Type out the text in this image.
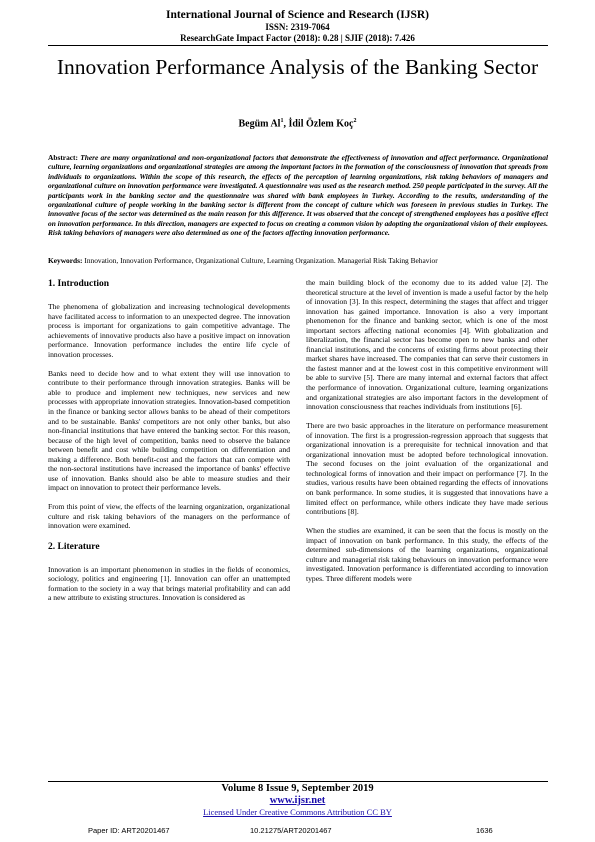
International Journal of Science and Research (IJSR)
ISSN: 2319-7064
ResearchGate Impact Factor (2018): 0.28 | SJIF (2018): 7.426
Innovation Performance Analysis of the Banking Sector
Begüm Al$^1$, İdil Özlem Koç$^2$
Abstract: There are many organizational and non-organizational factors that demonstrate the effectiveness of innovation and affect performance. Organizational culture, learning organizations and organizational strategies are among the important factors in the formation of the consciousness of innovation that spreads from individuals to organizations. Within the scope of this research, the effects of the perception of learning organizations, risk taking behaviors of managers and organizational culture on innovation performance were investigated. A questionnaire was used as the research method. 250 people participated in the survey. All the participants work in the banking sector and the questionnaire was shared with bank employees in Turkey. According to the results, understanding of the organizational culture of people working in the banking sector is different from the concept of culture which was foreseen in previous studies in Turkey. The innovative focus of the sector was determined as the main reason for this difference. It was observed that the concept of strengthened employees has a positive effect on innovation performance. In this direction, managers are expected to focus on creating a common vision by adopting the organizational vision of their employees. Risk taking behaviors of managers were also determined as one of the factors affecting innovation performance.
Keywords: Innovation, Innovation Performance, Organizational Culture, Learning Organization. Managerial Risk Taking Behavior
1. Introduction

The phenomena of globalization and increasing technological developments have facilitated access to information to an unexpected degree. The innovation process is important for organizations to gain competitive advantage. The achievements of innovative products also have a positive impact on innovation performance. Innovation performance includes the entire life cycle of innovation processes.

Banks need to decide how and to what extent they will use innovation to contribute to their performance through innovation strategies. Banks will be able to produce and implement new techniques, new services and new processes with appropriate innovation strategies. Innovation-based competition in the finance or banking sector allows banks to be ahead of their competitors and to be sustainable. Banks' competitors are not only other banks, but also non-financial institutions that have entered the banking sector. For this reason, because of the high level of competition, banks need to observe the balance between benefit and cost while building competition on differentiation and making a difference. Both benefit-cost and the factors that can compete with the non-sectoral institutions have increased the importance of banks' effective use of innovation. Banks should also be able to measure studies and their impact on innovation to protect their performance levels.

From this point of view, the effects of the learning organization, organizational culture and risk taking behaviors of the managers on the performance of innovation were examined.

2. Literature

Innovation is an important phenomenon in studies in the fields of economics, sociology, politics and engineering [1]. Innovation can offer an unattempted formation to the society in a way that brings material profitability and can add a new attribute to existing structures. Innovation is considered as

the main building block of the economy due to its added value [2]. The theoretical structure at the level of invention is made a useful factor by the help of innovation [3]. In this respect, determining the stages that affect and trigger innovation has gained importance. Innovation is also a very important phenomenon for the finance and banking sector, which is one of the most important sectors affecting national economies [4]. With globalization and liberalization, the financial sector has become open to new banks and other financial institutions, and the concerns of existing firms about protecting their market shares have increased. The companies that can serve their customers in the fastest manner and at the lowest cost in this competitive environment will be able to survive [5]. There are many internal and external factors that affect the performance of innovation. Organizational culture, learning organizations and organizational strategies are also important factors in the development of innovation consciousness that reaches individuals from institutions [6].

There are two basic approaches in the literature on performance measurement of innovation. The first is a progression-regression approach that suggests that organizational innovation is a prerequisite for technical innovation and that organizational innovation must be adopted before technological innovation. The second focuses on the joint evaluation of the organizational and technological forms of innovation and their impact on performance [7]. In the studies, various results have been obtained regarding the effects of innovations on bank performance. In some studies, it is suggested that innovations have a limited effect on performance, while others indicate they have made serious contributions [8].

When the studies are examined, it can be seen that the focus is mostly on the impact of innovation on bank performance. In this study, the effects of the determined sub-dimensions of the learning organizations, organizational culture and managerial risk taking behaviours on innovation performance were investigated. Innovation performance is differentiated according to innovation types. Three different models were

Volume 8 Issue 9, September 2019
www.ijsr.net
Licensed Under Creative Commons Attribution CC BY
Paper ID: ART20201467	10.21275/ART20201467	1636
